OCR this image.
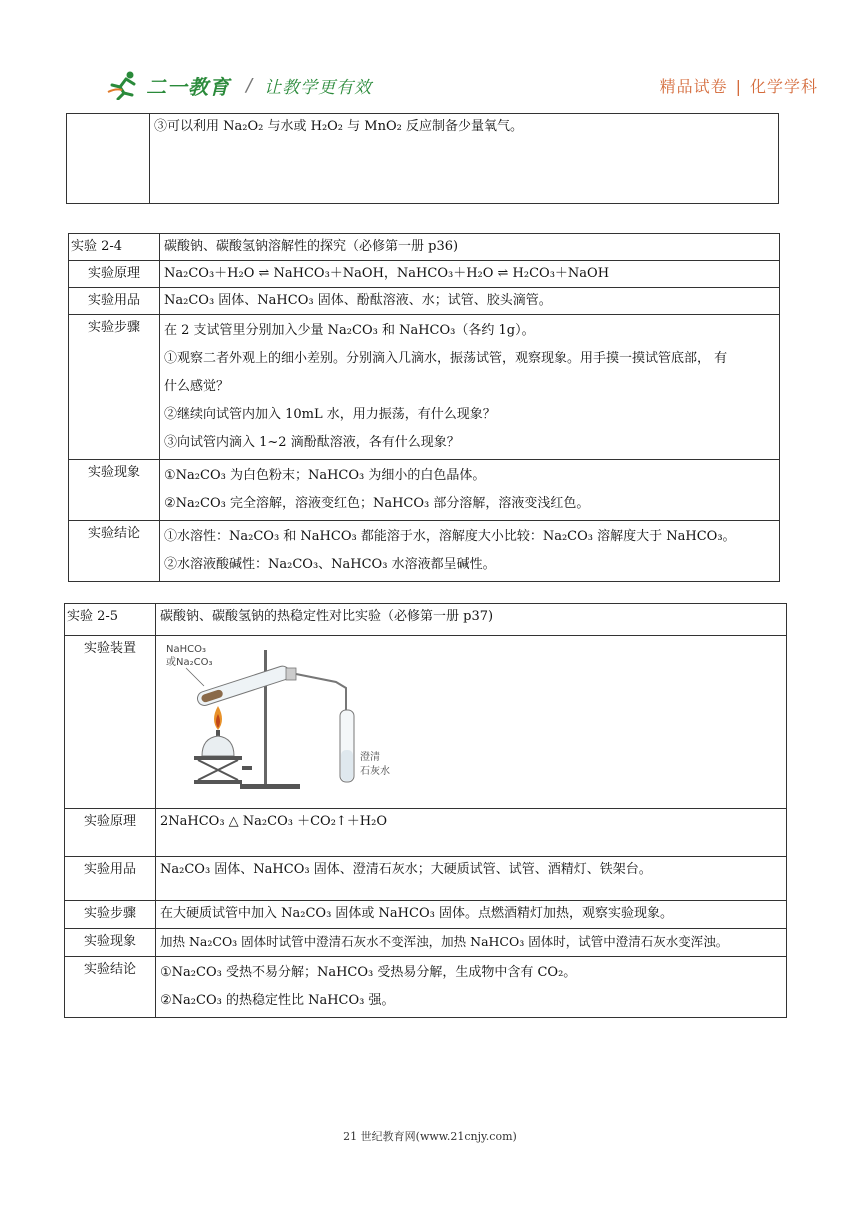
二一教育 / 让教学更有效	精品试卷 | 化学学科
	③可以利用 Na₂O₂ 与水或 H₂O₂ 与 MnO₂ 反应制备少量氧气。
实验 2-4	碳酸钠、碳酸氢钠溶解性的探究（必修第一册 p36)
实验原理	Na₂CO₃＋H₂O ⇌ NaHCO₃＋NaOH，NaHCO₃＋H₂O ⇌ H₂CO₃＋NaOH
实验用品	Na₂CO₃ 固体、NaHCO₃ 固体、酚酞溶液、水；试管、胶头滴管。
实验步骤	在 2 支试管里分别加入少量 Na₂CO₃ 和 NaHCO₃（各约 1g）。
①观察二者外观上的细小差别。分别滴入几滴水，振荡试管，观察现象。用手摸一摸试管底部， 有
什么感觉？
②继续向试管内加入 10mL 水，用力振荡，有什么现象？
③向试管内滴入 1~2 滴酚酞溶液，各有什么现象？

实验现象	①Na₂CO₃ 为白色粉末；NaHCO₃ 为细小的白色晶体。
②Na₂CO₃ 完全溶解，溶液变红色；NaHCO₃ 部分溶解，溶液变浅红色。

实验结论	①水溶性：Na₂CO₃ 和 NaHCO₃ 都能溶于水，溶解度大小比较：Na₂CO₃ 溶解度大于 NaHCO₃。
②水溶液酸碱性：Na₂CO₃、NaHCO₃ 水溶液都呈碱性。
实验 2-5	碳酸钠、碳酸氢钠的热稳定性对比实验（必修第一册 p37)
实验装置	NaHCO₃
或Na₂CO₃
澄清
石灰水

实验原理	2NaHCO₃ △ Na₂CO₃ ＋CO₂↑＋H₂O
实验用品	Na₂CO₃ 固体、NaHCO₃ 固体、澄清石灰水；大硬质试管、试管、酒精灯、铁架台。
实验步骤	在大硬质试管中加入 Na₂CO₃ 固体或 NaHCO₃ 固体。点燃酒精灯加热，观察实验现象。
实验现象	加热 Na₂CO₃ 固体时试管中澄清石灰水不变浑浊，加热 NaHCO₃ 固体时，试管中澄清石灰水变浑浊。
实验结论	①Na₂CO₃ 受热不易分解；NaHCO₃ 受热易分解，生成物中含有 CO₂。
②Na₂CO₃ 的热稳定性比 NaHCO₃ 强。
21 世纪教育网(www.21cnjy.com)
